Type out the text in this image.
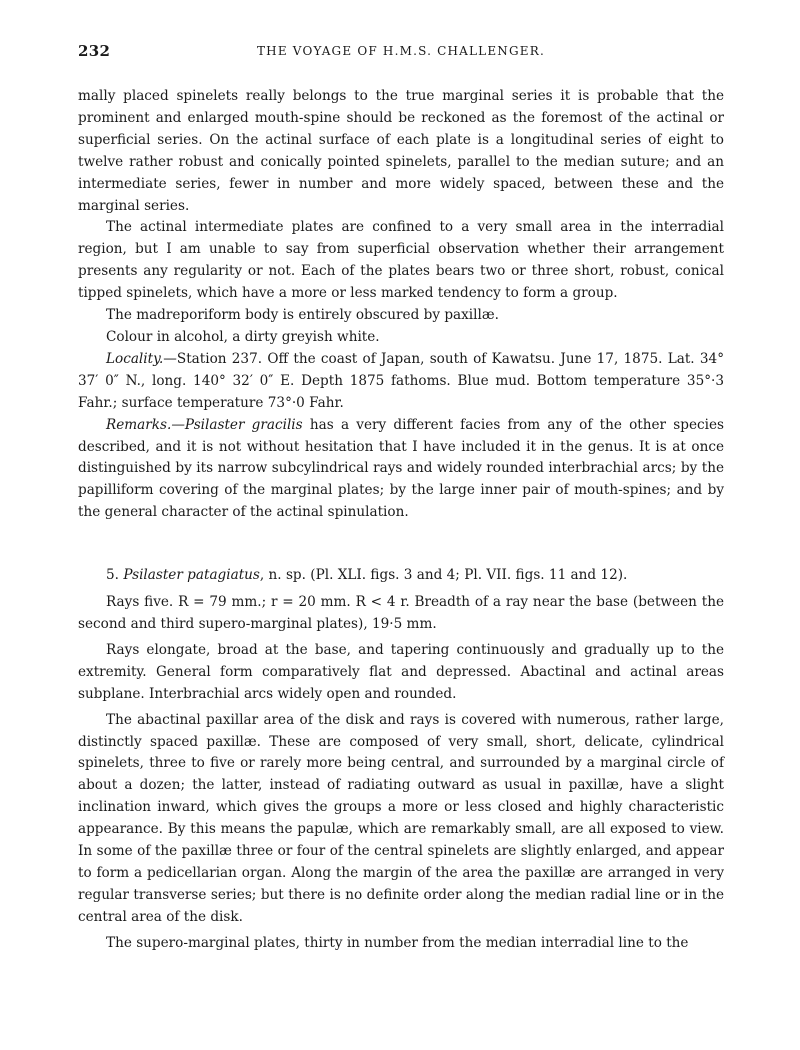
232	THE VOYAGE OF H.M.S. CHALLENGER.

mally placed spinelets really belongs to the true marginal series it is probable that the prominent and enlarged mouth-spine should be reckoned as the foremost of the actinal or superficial series. On the actinal surface of each plate is a longitudinal series of eight to twelve rather robust and conically pointed spinelets, parallel to the median suture; and an intermediate series, fewer in number and more widely spaced, between these and the marginal series.

The actinal intermediate plates are confined to a very small area in the interradial region, but I am unable to say from superficial observation whether their arrangement presents any regularity or not. Each of the plates bears two or three short, robust, conical tipped spinelets, which have a more or less marked tendency to form a group.

The madreporiform body is entirely obscured by paxillæ.

Colour in alcohol, a dirty greyish white.

Locality.—Station 237. Off the coast of Japan, south of Kawatsu. June 17, 1875. Lat. 34° 37′ 0″ N., long. 140° 32′ 0″ E. Depth 1875 fathoms. Blue mud. Bottom temperature 35°·3 Fahr.; surface temperature 73°·0 Fahr.

Remarks.—Psilaster gracilis has a very different facies from any of the other species described, and it is not without hesitation that I have included it in the genus. It is at once distinguished by its narrow subcylindrical rays and widely rounded interbrachial arcs; by the papilliform covering of the marginal plates; by the large inner pair of mouth-spines; and by the general character of the actinal spinulation.

5. Psilaster patagiatus, n. sp. (Pl. XLI. figs. 3 and 4; Pl. VII. figs. 11 and 12).

Rays five. R = 79 mm.; r = 20 mm. R < 4 r. Breadth of a ray near the base (between the second and third supero-marginal plates), 19·5 mm.

Rays elongate, broad at the base, and tapering continuously and gradually up to the extremity. General form comparatively flat and depressed. Abactinal and actinal areas subplane. Interbrachial arcs widely open and rounded.

The abactinal paxillar area of the disk and rays is covered with numerous, rather large, distinctly spaced paxillæ. These are composed of very small, short, delicate, cylindrical spinelets, three to five or rarely more being central, and surrounded by a marginal circle of about a dozen; the latter, instead of radiating outward as usual in paxillæ, have a slight inclination inward, which gives the groups a more or less closed and highly characteristic appearance. By this means the papulæ, which are remarkably small, are all exposed to view. In some of the paxillæ three or four of the central spinelets are slightly enlarged, and appear to form a pedicellarian organ. Along the margin of the area the paxillæ are arranged in very regular transverse series; but there is no definite order along the median radial line or in the central area of the disk.

The supero-marginal plates, thirty in number from the median interradial line to the
